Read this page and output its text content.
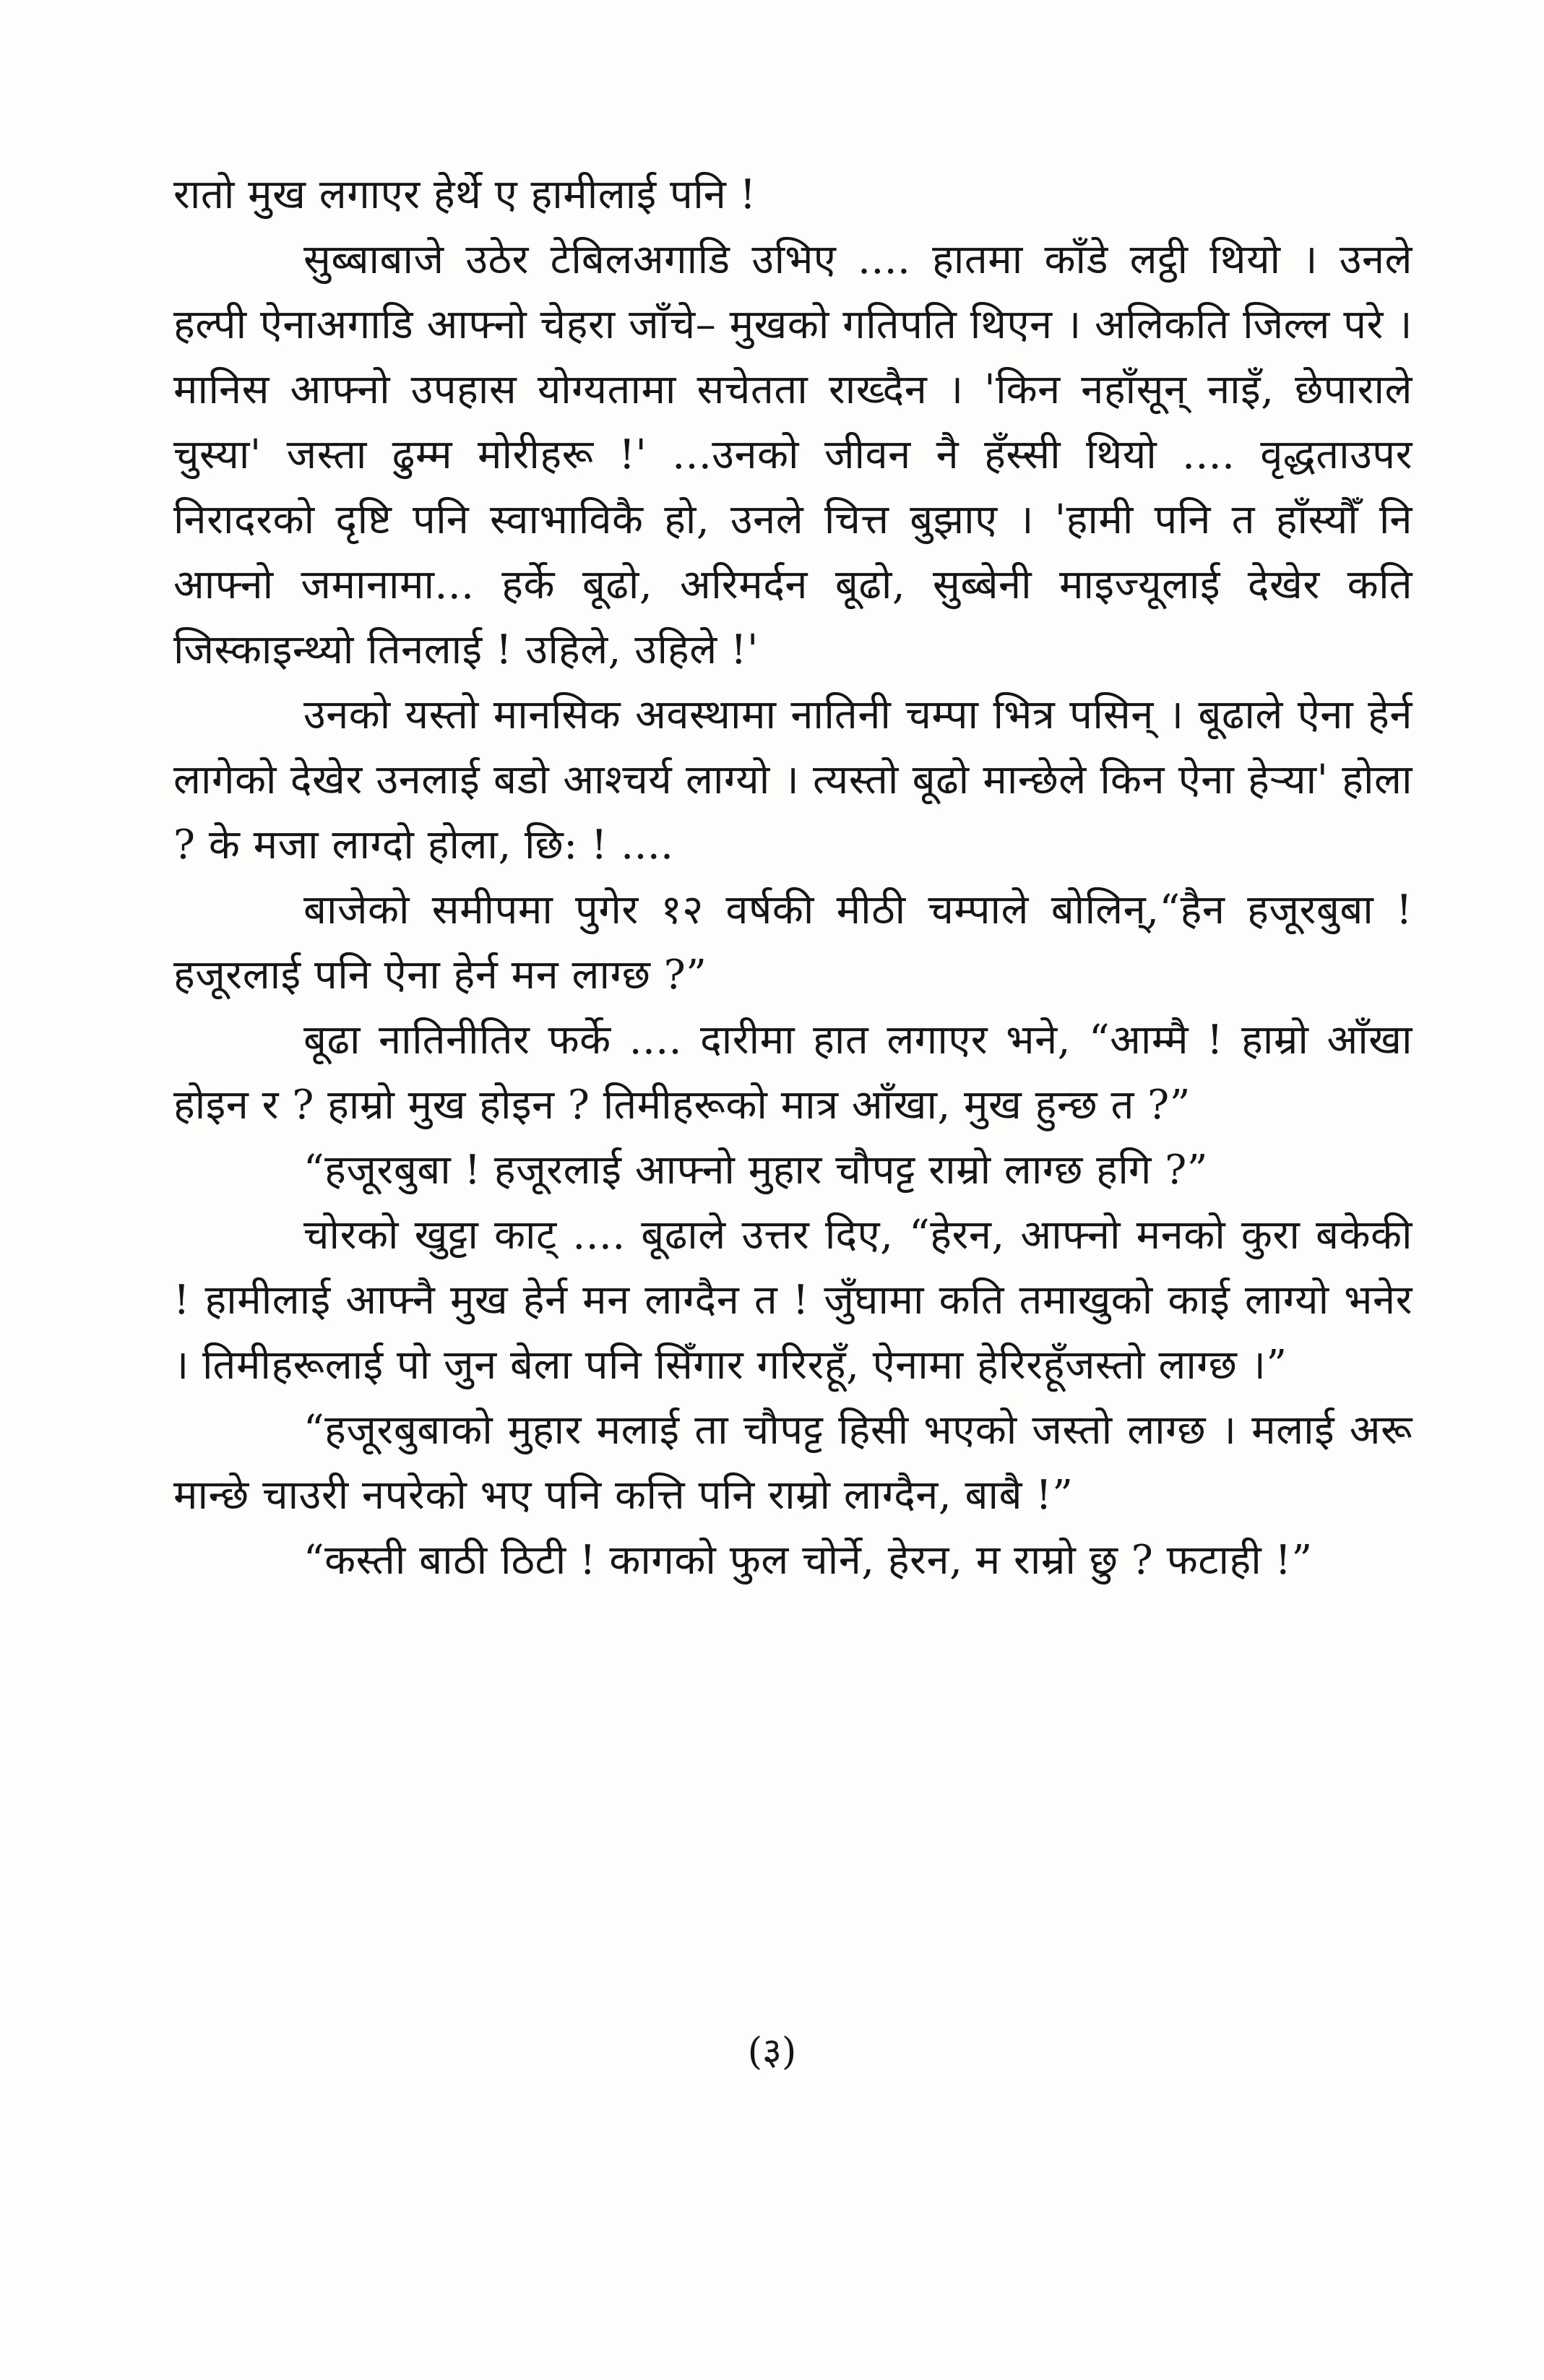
रातो मुख लगाएर हेर्थे ए हामीलाई पनि !

सुब्बाबाजे उठेर टेबिलअगाडि उभिए .... हातमा काँडे लट्ठी थियो । उनले हल्पी ऐनाअगाडि आफ्नो चेहरा जाँचे– मुखको गतिपति थिएन । अलिकति जिल्ल परे । मानिस आफ्नो उपहास योग्यतामा सचेतता राख्दैन । 'किन नहाँसून् नाइँ, छेपाराले चुस्या' जस्ता ढुम्म मोरीहरू !' ...उनको जीवन नै हँस्सी थियो .... वृद्धताउपर निरादरको दृष्टि पनि स्वाभाविकै हो, उनले चित्त बुझाए । 'हामी पनि त हाँस्यौँ नि आफ्नो जमानामा... हर्के बूढो, अरिमर्दन बूढो, सुब्बेनी माइज्यूलाई देखेर कति जिस्काइन्थ्यो तिनलाई ! उहिले, उहिले !'

उनको यस्तो मानसिक अवस्थामा नातिनी चम्पा भित्र पसिन् । बूढाले ऐना हेर्न लागेको देखेर उनलाई बडो आश्चर्य लाग्यो । त्यस्तो बूढो मान्छेले किन ऐना हेर्‍या' होला ? के मजा लाग्दो होला, छि: ! ....

बाजेको समीपमा पुगेर १२ वर्षकी मीठी चम्पाले बोलिन्,“हैन हजूरबुबा ! हजूरलाई पनि ऐना हेर्न मन लाग्छ ?”

बूढा नातिनीतिर फर्के .... दारीमा हात लगाएर भने, “आम्मै ! हाम्रो आँखा होइन र ? हाम्रो मुख होइन ? तिमीहरूको मात्र आँखा, मुख हुन्छ त ?”

“हजूरबुबा ! हजूरलाई आफ्नो मुहार चौपट्ट राम्रो लाग्छ हगि ?”

चोरको खुट्टा काट् .... बूढाले उत्तर दिए, “हेरन, आफ्नो मनको कुरा बकेकी ! हामीलाई आफ्नै मुख हेर्न मन लाग्दैन त ! जुँघामा कति तमाखुको काई लाग्यो भनेर । तिमीहरूलाई पो जुन बेला पनि सिँगार गरिरहूँ, ऐनामा हेरिरहूँजस्तो लाग्छ ।”

“हजूरबुबाको मुहार मलाई ता चौपट्ट हिसी भएको जस्तो लाग्छ । मलाई अरू मान्छे चाउरी नपरेको भए पनि कत्ति पनि राम्रो लाग्दैन, बाबै !”

“कस्ती बाठी ठिटी ! कागको फुल चोर्ने, हेरन, म राम्रो छु ? फटाही !”

(३)
